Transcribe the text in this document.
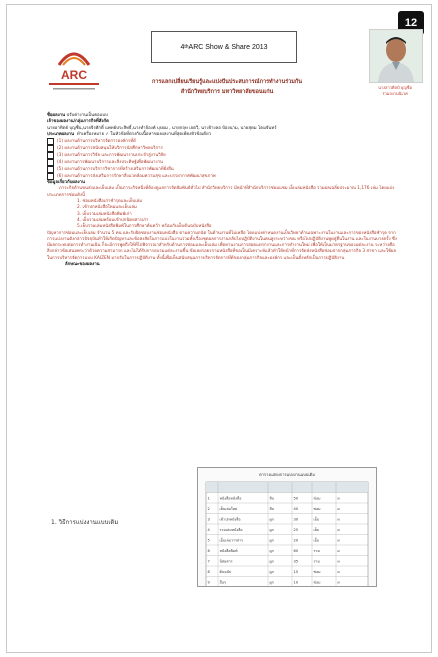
12
4 th ARC Show & Share 2013
ARC
นางสาวศิลป์ บุญชื่อ
ร่วมลงานนิเวศ
การแลกเปลี่ยนเรียนรู้และแบ่งปันประสบการณ์การทำงานร่วมกัน
สำนักวิทยบริการ มหาวิทยาลัยขอนแก่น

ชื่อผลงาน ปรับค่างานเป็นคอแบบ

เจ้าของผลงาน/กลุ่มภารกิจที่สังกัด

นายอาทิตย์ บุญชื่น,นายจิรศักดิ์ แพทย์ประสิทธิ์,นางทำจ้องค์ บุปผม , นายกฤษ เจตวิ, นางจ้างลอ ป้องนาม, นายสุดม โดมจันทร์

ประเภทผลงาน ทำเครื่องหมาย ✓ ในหัวข้อที่ตรงกับเนื้อหาของผลงานที่สุดเพียงหัวข้อเดียว

(1) ผลงานด้านการบริหารจัดการองค์กรที่ดี
(2) ผลงานด้านการสนับสนุนให้บริการนักศึกษาวิทยบริการ
(3) ผลงานด้านการวิจัย และการพัฒนางานประจำสู่งานวิจัย
(4) ผลงานการพัฒนาบริการและสิ่งประดิษฐ์เพื่อพัฒนางาน
(5) ผลงานด้านการบริการวิชาการที่สร้างเสริมการพัฒนาที่ยั่งยืน
(6) ผลงานด้านการส่งเสริมการรักษาสิ่งแวดล้อมความสุข และบรรยากาศพัฒนาสุขภาพ

ข้อมูลเกี่ยวกับผลงาน

ภาระกิจด้านขนส่งและเย็บเล่ม เป็นภาระกิจหนึ่งที่ต้องดูแลการจัดสัมพันธ์ทั่วไป สำนักวิทยบริการ มีหน้าที่สำนักบริการซ่อมแซม เย็บเล่มหนังสือ รวมผลเฉลี่ยประมาณ 1,176 เล่ม โดยแบ่งประเภทการซ่อมดังนี้

1. ซ่อมหนังสือเก่าชำรุดและเย็บเล่ม

2. เข้าปกหนังสือใหม่และเย็บเล่ม

3. เย็บรวมเล่มหนังสือพิมพ์เก่า

4. เย็บรวมเล่มพร้อมเข้าปกนิตยสารเก่า

5.เย็บรวมเล่มหนังสือพิมพ์ในการศึกษาค้นคว้า พร้อมกับเย็บต้นฉบับหนังสือ

ปัญหาการซ่อมและเย็บเล่ม จำนวน 5 คน และรับผิดชอบงานซ่อมหนังสือ ตามความถนัด ในด้านงานที่ไม่เหลือ โดยแบ่งค่าหนดงานเป็นวิทยาด้านเฉพาะงานในงานและการของหนังสือชำรุด จากการแบ่งงานดังกล่าวปัจจุบันทำให้เกิดปัญหาและข้อสงสัยในการแบ่งในงานรวมทั้งเรื่องชุดผลการงานกลับไปปฏิบัติงานในคนสูงระหว่างขน หรือไปปฏิบัติงานพูดสู่ยื่นในงาน และในงานบางครั้ง ซึ่งมีผลกระทบต่อการทำงานเนิน ก็จะมีการพูดถึงให้ที่ไปพิจารณาสำหรับด้านการซ่อมและเย็บเล่ม เพื่อทานงานการสอดแทรกงานและการทำงานใหม่ เพื่อให้เป็นมาตรฐานของแต่ละงาน ระหว่างคือสิ่งกล่าวข้อเสนอพระว่าด้วยความสามารถ และไม่ได้รับการอบรมแต่ละงานขึ้น ข้อเลยรอยรกามหนังสือที่ขอเป็นมีเคราะห์แล้วทำให้หน้าที่การจัดส่งหนังสือซ่อมจากกลุ่มภารกิจ 3 สาขา และใช้ผลในการบริหารจัดการแบบ KAIZEN มาปรับในการปฏิบัติงาน ทั้งนี้เพื่อเห็นสนับสนุนการบริหารจัดการที่ดีของกลุ่มภารกิจและองค์กร และเป็นตั้งหลักเป็นการปฏิบัติงาน

ลักษณะของผลงาน

1. วิธีการแบ่งงานแบบเดิม
ตารางแสดงการแบ่งงานแบบเดิม
1	หนังสือหนังสือ	สิบ	50	ซ่อม	ผ
2	เย็บเล่มใหม่	สิบ	40	ซ่อม	ผ
3	เข้าปกหนังสือ	ผูก	30	เย็บ	ผ
4	รวมเล่มหนังสือ	ผูก	25	เย็บ	ผ
5	เย็บเล่มวารสาร	ผูก	20	เย็บ	ผ
6	หนังสือพิมพ์	ผูก	60	รวม	ผ
7	นิตยสาร	ผูก	35	รวม	ผ
8	ต้นฉบับ	ผูก	15	ซ่อม	ผ
9	อื่นๆ	ผูก	10	ซ่อม	ผ
